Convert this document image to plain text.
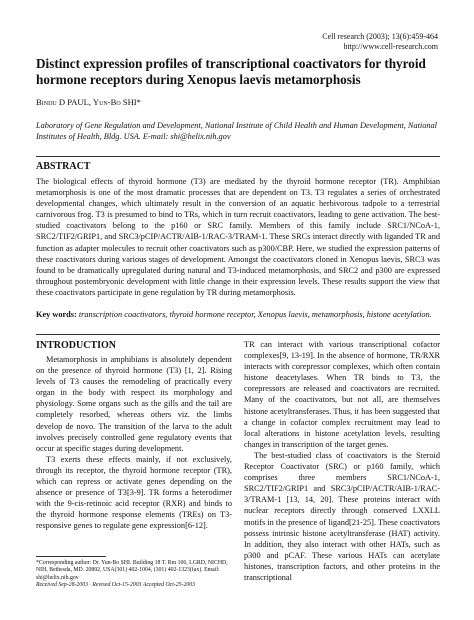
Cell research (2003); 13(6):459-464
http://www.cell-research.com
Distinct expression profiles of transcriptional coactivators for thyroid hormone receptors during Xenopus laevis metamorphosis
Bindu D PAUL, Yun-Bo SHI*
Laboratory of Gene Regulation and Development, National Institute of Child Health and Human Development, National Institutes of Health, Bldg. USA. E-mail: shi@helix.nih.gov
ABSTRACT
The biological effects of thyroid hormone (T3) are mediated by the thyroid hormone receptor (TR). Amphibian metamorphosis is one of the most dramatic processes that are dependent on T3. T3 regulates a series of orchestrated developmental changes, which ultimately result in the conversion of an aquatic herbivorous tadpole to a terrestrial carnivorous frog. T3 is presumed to bind to TRs, which in turn recruit coactivators, leading to gene activation. The best-studied coactivators belong to the p160 or SRC family. Members of this family include SRC1/NCoA-1, SRC2/TIF2/GRIP1, and SRC3/pCIP/ACTR/AIB-1/RAC-3/TRAM-1. These SRCs interact directly with liganded TR and function as adapter molecules to recruit other coactivators such as p300/CBP. Here, we studied the expression patterns of these coactivators during various stages of development. Amongst the coactivators cloned in Xenopus laevis, SRC3 was found to be dramatically upregulated during natural and T3-induced metamorphosis, and SRC2 and p300 are expressed throughout postembryonic development with little change in their expression levels. These results support the view that these coactivators participate in gene regulation by TR during metamorphosis.
Key words: transcription coactivators, thyroid hormone receptor, Xenopus laevis, metamorphosis, histone acetylation.
INTRODUCTION

Metamorphosis in amphibians is absolutely dependent on the presence of thyroid hormone (T3) [1, 2]. Rising levels of T3 causes the remodeling of practically every organ in the body with respect its morphology and physiology. Some organs such as the gills and the tail are completely resorbed, whereas others viz. the limbs develop de novo. The transition of the larva to the adult involves precisely controlled gene regulatory events that occur at specific stages during development.

T3 exerts these effects mainly, if not exclusively, through its receptor, the thyroid hormone receptor (TR), which can repress or activate genes depending on the absence or presence of T3[3-9]. TR forms a heterodimer with the 9-cis-retinoic acid receptor (RXR) and binds to the thyroid hormone response elements (TREs) on T3-responsive genes to regulate gene expression[6-12].

TR can interact with various transcriptional cofactor complexes[9, 13-19]. In the absence of hormone, TR/RXR interacts with corepressor complexes, which often contain histone deacetylases. When TR binds to T3, the corepressors are released and coactivators are recruited. Many of the coactivators, but not all, are themselves histone acetyltransferases. Thus, it has been suggested that a change in cofactor complex recruitment may lead to local alterations in histone acetylation levels, resulting changes in transcription of the target genes.

The best-studied class of coactivators is the Steroid Receptor Coactivator (SRC) or p160 family, which comprises three members SRC1/NCoA-1, SRC2/TIF2/GRIP1 and SRC3/pCIP/ACTR/AIB-1/RAC-3/TRAM-1 [13, 14, 20]. These proteins interact with nuclear receptors directly through conserved LXXLL motifs in the presence of ligand[21-25]. These coactivators possess intrinsic histone acetyltransferase (HAT) activity. In addition, they also interact with other HATs, such as p300 and pCAF. These various HATs can acetylate histones, transcription factors, and other proteins in the transcriptional

*Corresponding author: Dr. Yun-Bo SHI. Building 18 T. Rm 106, LGRD, NICHD, NIH, Bethesda, MD. 20892, USA(301) 402-1004, (301) 402-1323(fax). Email: shi@helix.nih.gov
Received Sep-28-2003 · Revised Oct-15-2003 Accepted Oct-25-2003
